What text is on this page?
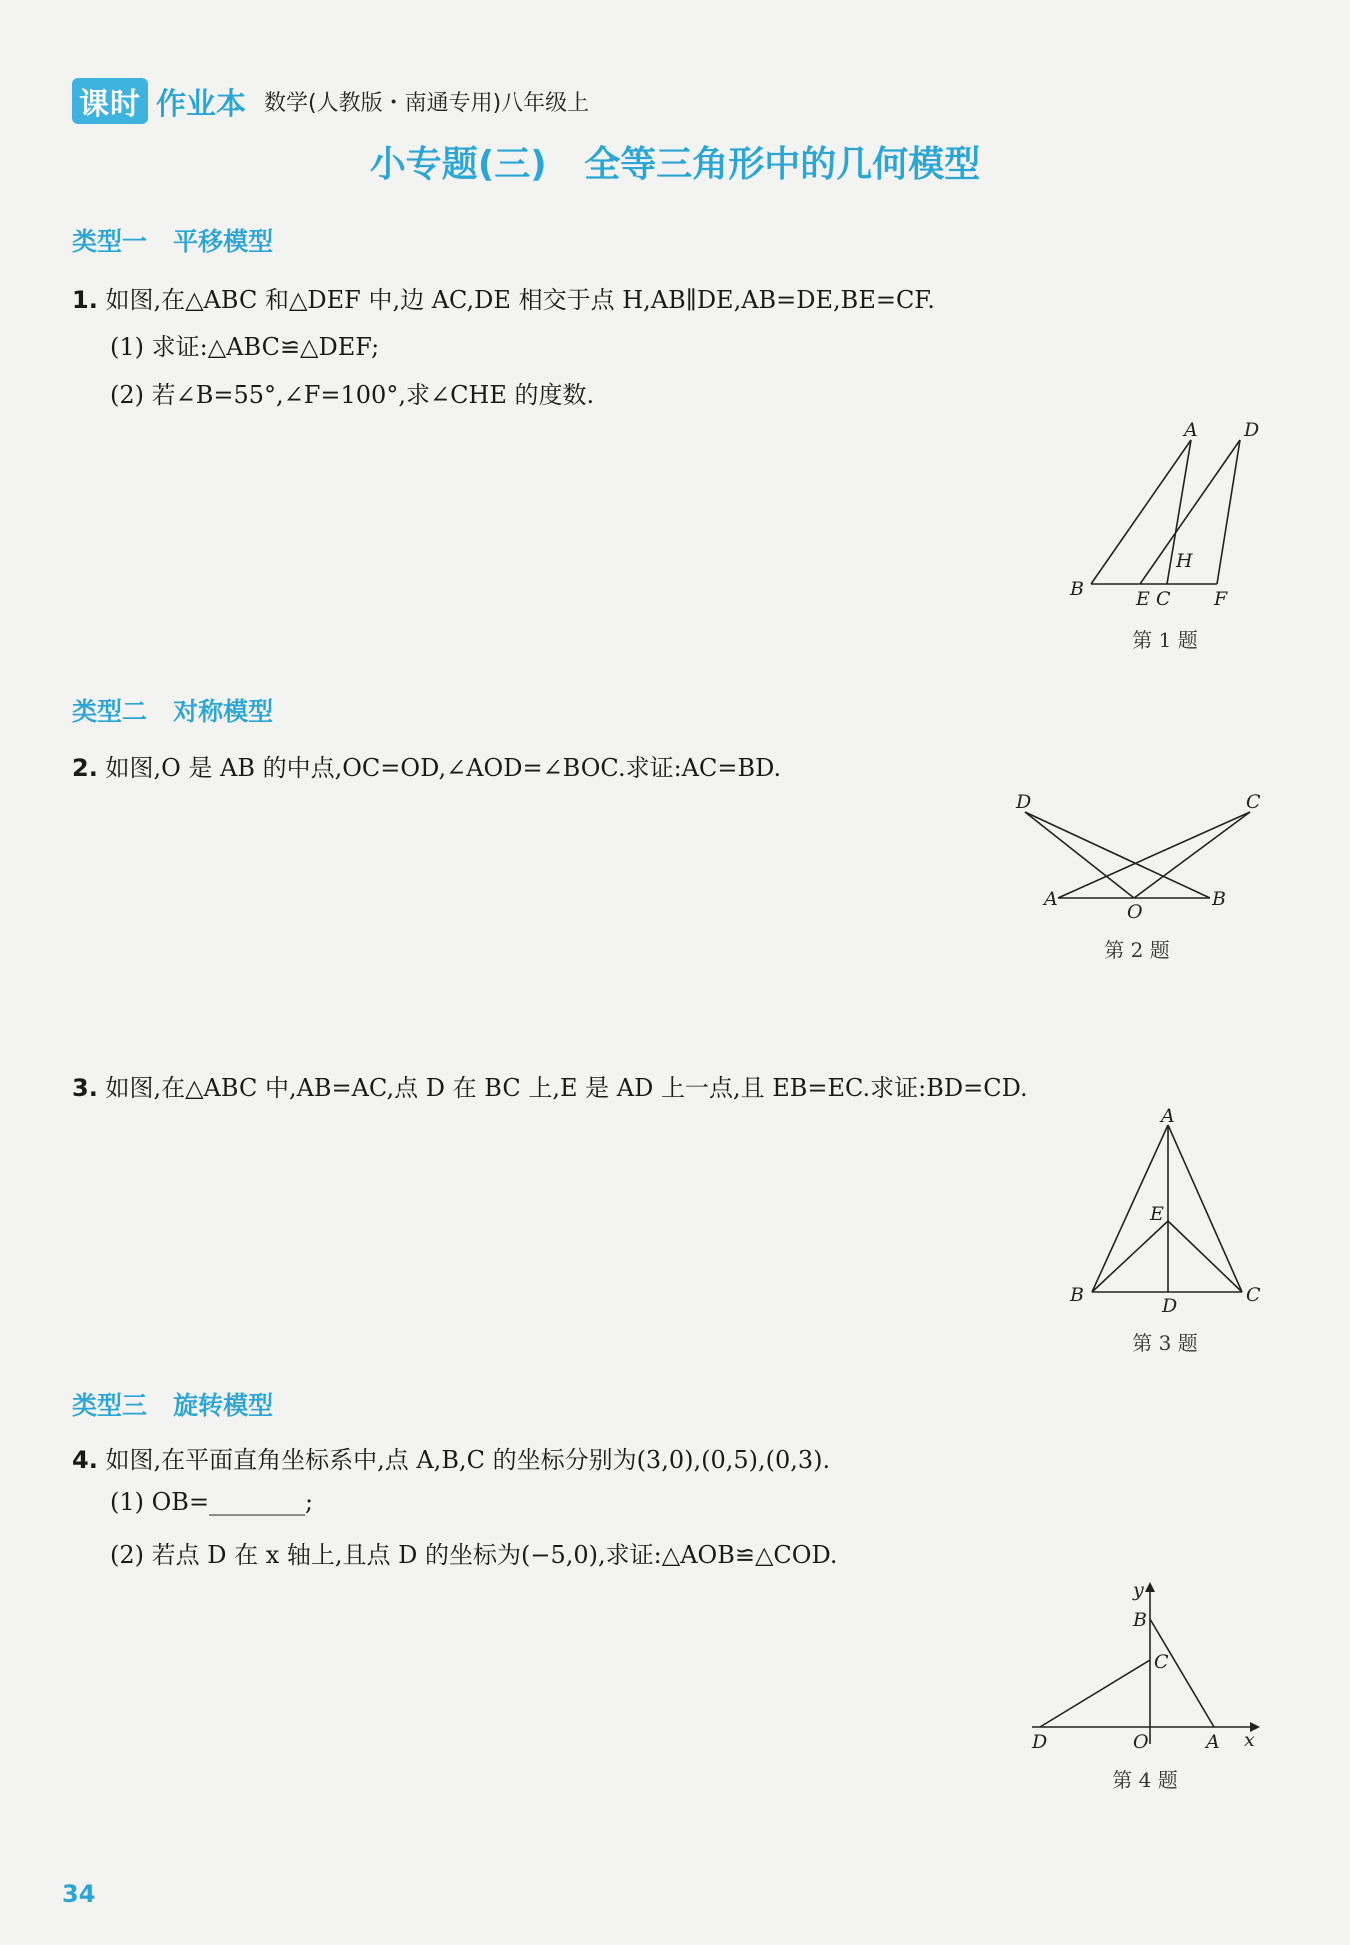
课时 作业本 数学(人教版・南通专用)八年级上
小专题(三)   全等三角形中的几何模型
类型一   平移模型
1. 如图,在△ABC 和△DEF 中,边 AC,DE 相交于点 H,AB∥DE,AB=DE,BE=CF.
(1) 求证:△ABC≌△DEF;
(2) 若∠B=55°,∠F=100°,求∠CHE 的度数.
A D
H
B	E C F
第 1 题
类型二   对称模型
2. 如图,O 是 AB 的中点,OC=OD,∠AOD=∠BOC.求证:AC=BD.
D	C
A
O
B
第 2 题
3. 如图,在△ABC 中,AB=AC,点 D 在 BC 上,E 是 AD 上一点,且 EB=EC.求证:BD=CD.
A
E
B	D	C
第 3 题
类型三   旋转模型
4. 如图,在平面直角坐标系中,点 A,B,C 的坐标分别为(3,0),(0,5),(0,3).
(1) OB=________;
(2) 若点 D 在 x 轴上,且点 D 的坐标为(−5,0),求证:△AOB≌△COD.
y
B
C
D	O	A x
第 4 题
34
